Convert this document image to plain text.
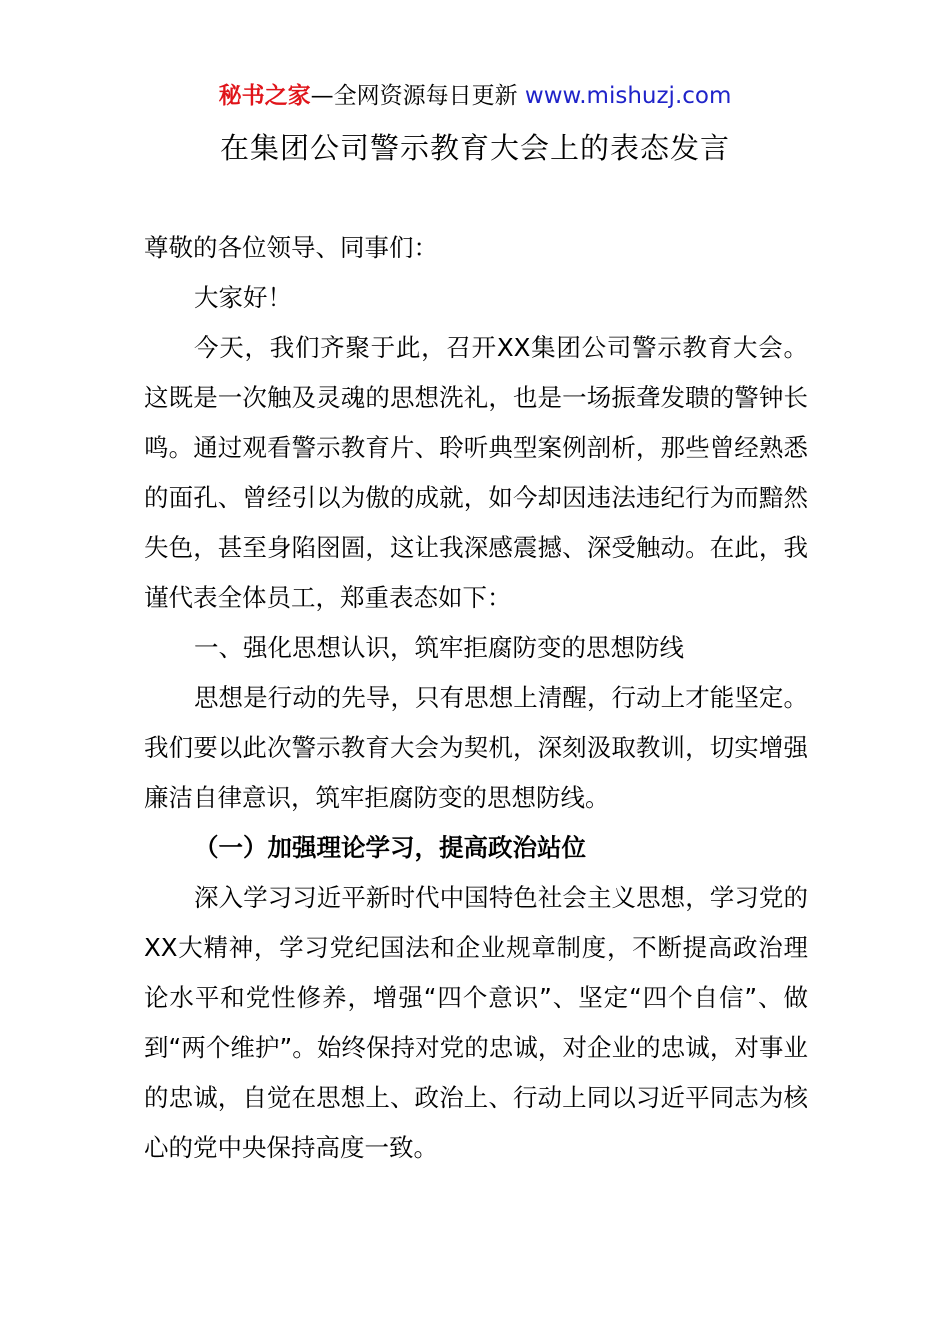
秘书之家—全网资源每日更新 www.mishuzj.com
在集团公司警示教育大会上的表态发言

尊敬的各位领导、同事们：

大家好！

今天，我们齐聚于此，召开XX集团公司警示教育大会。这既是一次触及灵魂的思想洗礼，也是一场振聋发聩的警钟长鸣。通过观看警示教育片、聆听典型案例剖析，那些曾经熟悉的面孔、曾经引以为傲的成就，如今却因违法违纪行为而黯然失色，甚至身陷囹圄，这让我深感震撼、深受触动。在此，我谨代表全体员工，郑重表态如下：

一、强化思想认识，筑牢拒腐防变的思想防线

思想是行动的先导，只有思想上清醒，行动上才能坚定。我们要以此次警示教育大会为契机，深刻汲取教训，切实增强廉洁自律意识，筑牢拒腐防变的思想防线。

（一）加强理论学习，提高政治站位

深入学习习近平新时代中国特色社会主义思想，学习党的XX大精神，学习党纪国法和企业规章制度，不断提高政治理论水平和党性修养，增强“四个意识”、坚定“四个自信”、做到“两个维护”。始终保持对党的忠诚，对企业的忠诚，对事业的忠诚，自觉在思想上、政治上、行动上同以习近平同志为核心的党中央保持高度一致。
